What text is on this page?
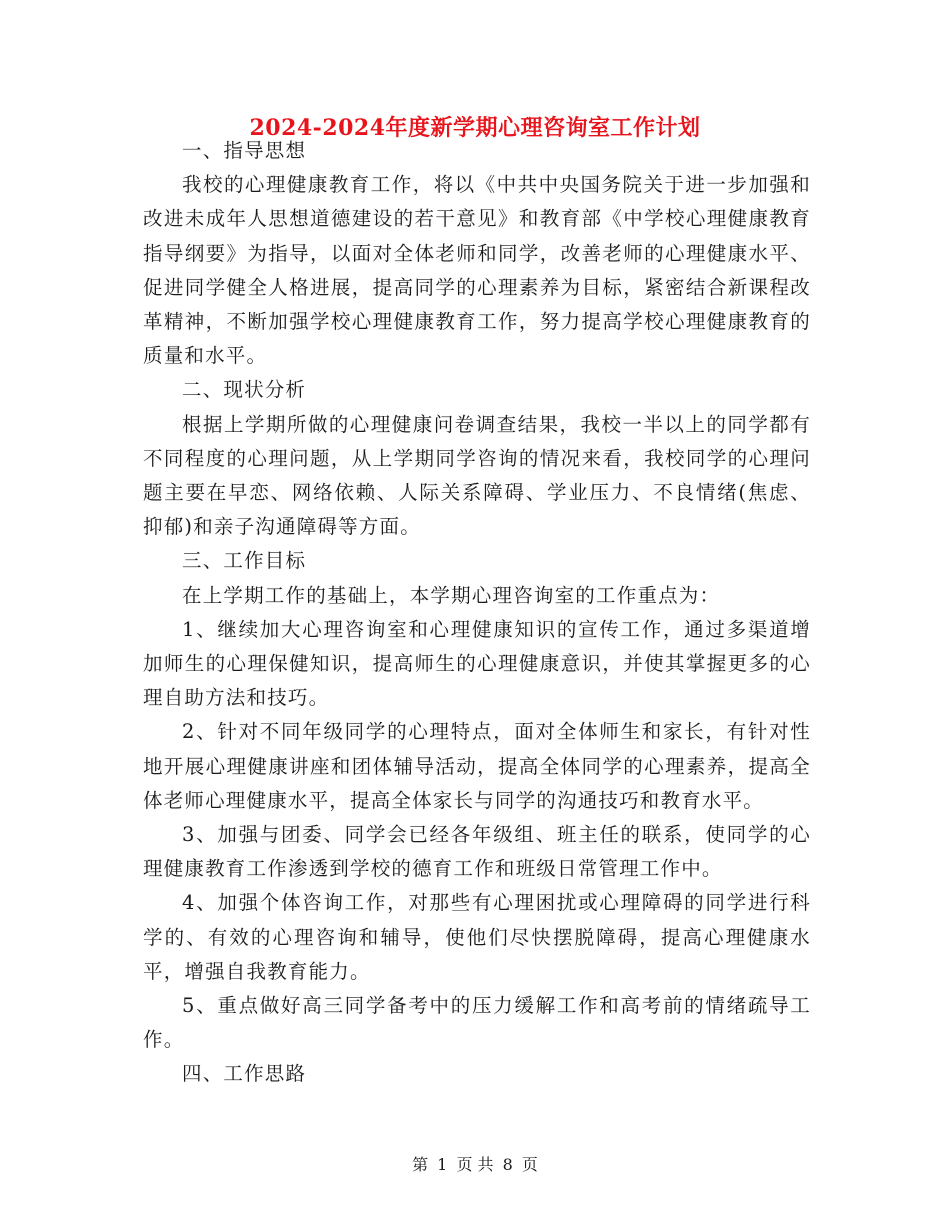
2024-2024年度新学期心理咨询室工作计划

一、指导思想

我校的心理健康教育工作，将以《中共中央国务院关于进一步加强和改进未成年人思想道德建设的若干意见》和教育部《中学校心理健康教育指导纲要》为指导，以面对全体老师和同学，改善老师的心理健康水平、促进同学健全人格进展，提高同学的心理素养为目标，紧密结合新课程改革精神，不断加强学校心理健康教育工作，努力提高学校心理健康教育的质量和水平。

二、现状分析

根据上学期所做的心理健康问卷调查结果，我校一半以上的同学都有不同程度的心理问题，从上学期同学咨询的情况来看，我校同学的心理问题主要在早恋、网络依赖、人际关系障碍、学业压力、不良情绪(焦虑、抑郁)和亲子沟通障碍等方面。

三、工作目标

在上学期工作的基础上，本学期心理咨询室的工作重点为：

1、继续加大心理咨询室和心理健康知识的宣传工作，通过多渠道增加师生的心理保健知识，提高师生的心理健康意识，并使其掌握更多的心理自助方法和技巧。

2、针对不同年级同学的心理特点，面对全体师生和家长，有针对性地开展心理健康讲座和团体辅导活动，提高全体同学的心理素养，提高全体老师心理健康水平，提高全体家长与同学的沟通技巧和教育水平。

3、加强与团委、同学会已经各年级组、班主任的联系，使同学的心理健康教育工作渗透到学校的德育工作和班级日常管理工作中。

4、加强个体咨询工作，对那些有心理困扰或心理障碍的同学进行科学的、有效的心理咨询和辅导，使他们尽快摆脱障碍，提高心理健康水平，增强自我教育能力。

5、重点做好高三同学备考中的压力缓解工作和高考前的情绪疏导工作。

四、工作思路

第 1 页 共 8 页
